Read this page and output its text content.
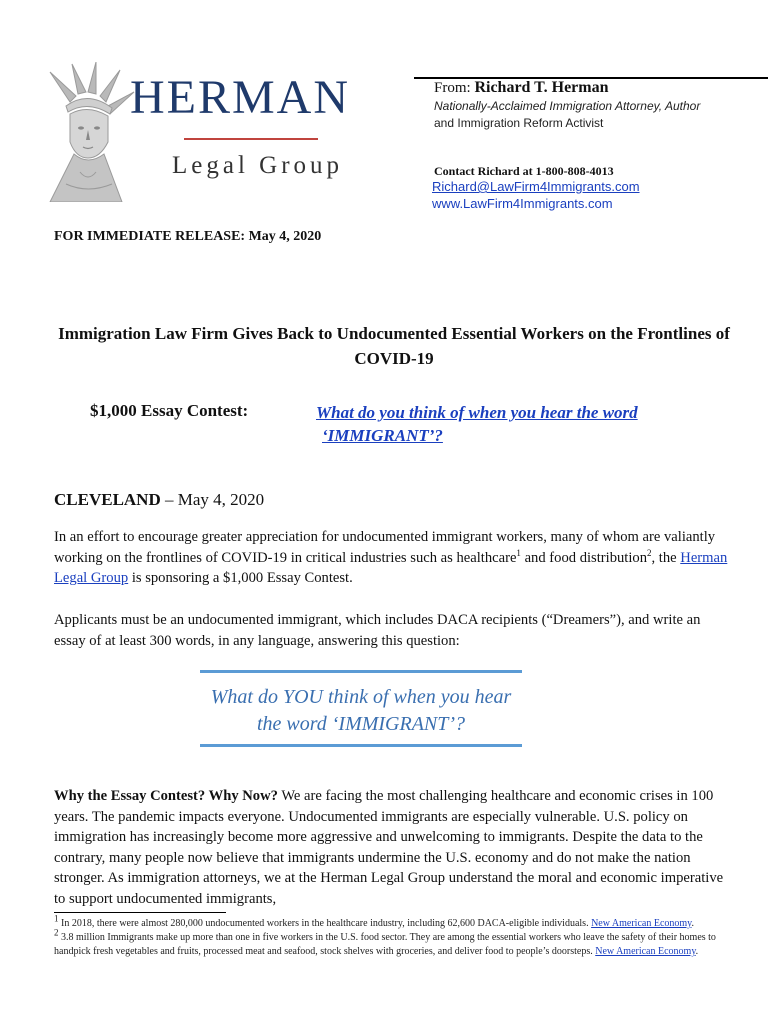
HERMAN
Legal Group
From: Richard T. Herman
Nationally-Acclaimed Immigration Attorney, Author
and Immigration Reform Activist
Contact Richard at 1-800-808-4013
Richard@LawFirm4Immigrants.com
www.LawFirm4Immigrants.com
FOR IMMEDIATE RELEASE: May 4, 2020
Immigration Law Firm Gives Back to Undocumented Essential Workers on the Frontlines of COVID-19
$1,000 Essay Contest:	What do you think of when you hear the word
‘IMMIGRANT’?
CLEVELAND – May 4, 2020
In an effort to encourage greater appreciation for undocumented immigrant workers, many of whom are valiantly working on the frontlines of COVID-19 in critical industries such as healthcare$^1$ and food distribution$^2$, the Herman Legal Group is sponsoring a $1,000 Essay Contest.
Applicants must be an undocumented immigrant, which includes DACA recipients (“Dreamers”), and write an essay of at least 300 words, in any language, answering this question:
What do YOU think of when you hear
the word ‘IMMIGRANT’?
Why the Essay Contest? Why Now? We are facing the most challenging healthcare and economic crises in 100 years. The pandemic impacts everyone. Undocumented immigrants are especially vulnerable. U.S. policy on immigration has increasingly become more aggressive and unwelcoming to immigrants. Despite the data to the contrary, many people now believe that immigrants undermine the U.S. economy and do not make the nation stronger. As immigration attorneys, we at the Herman Legal Group understand the moral and economic imperative to support undocumented immigrants,

$^1$ In 2018, there were almost 280,000 undocumented workers in the healthcare industry, including 62,600 DACA-eligible individuals. New American Economy.

$^2$ 3.8 million Immigrants make up more than one in five workers in the U.S. food sector. They are among the essential workers who leave the safety of their homes to handpick fresh vegetables and fruits, processed meat and seafood, stock shelves with groceries, and deliver food to people’s doorsteps. New American Economy.
